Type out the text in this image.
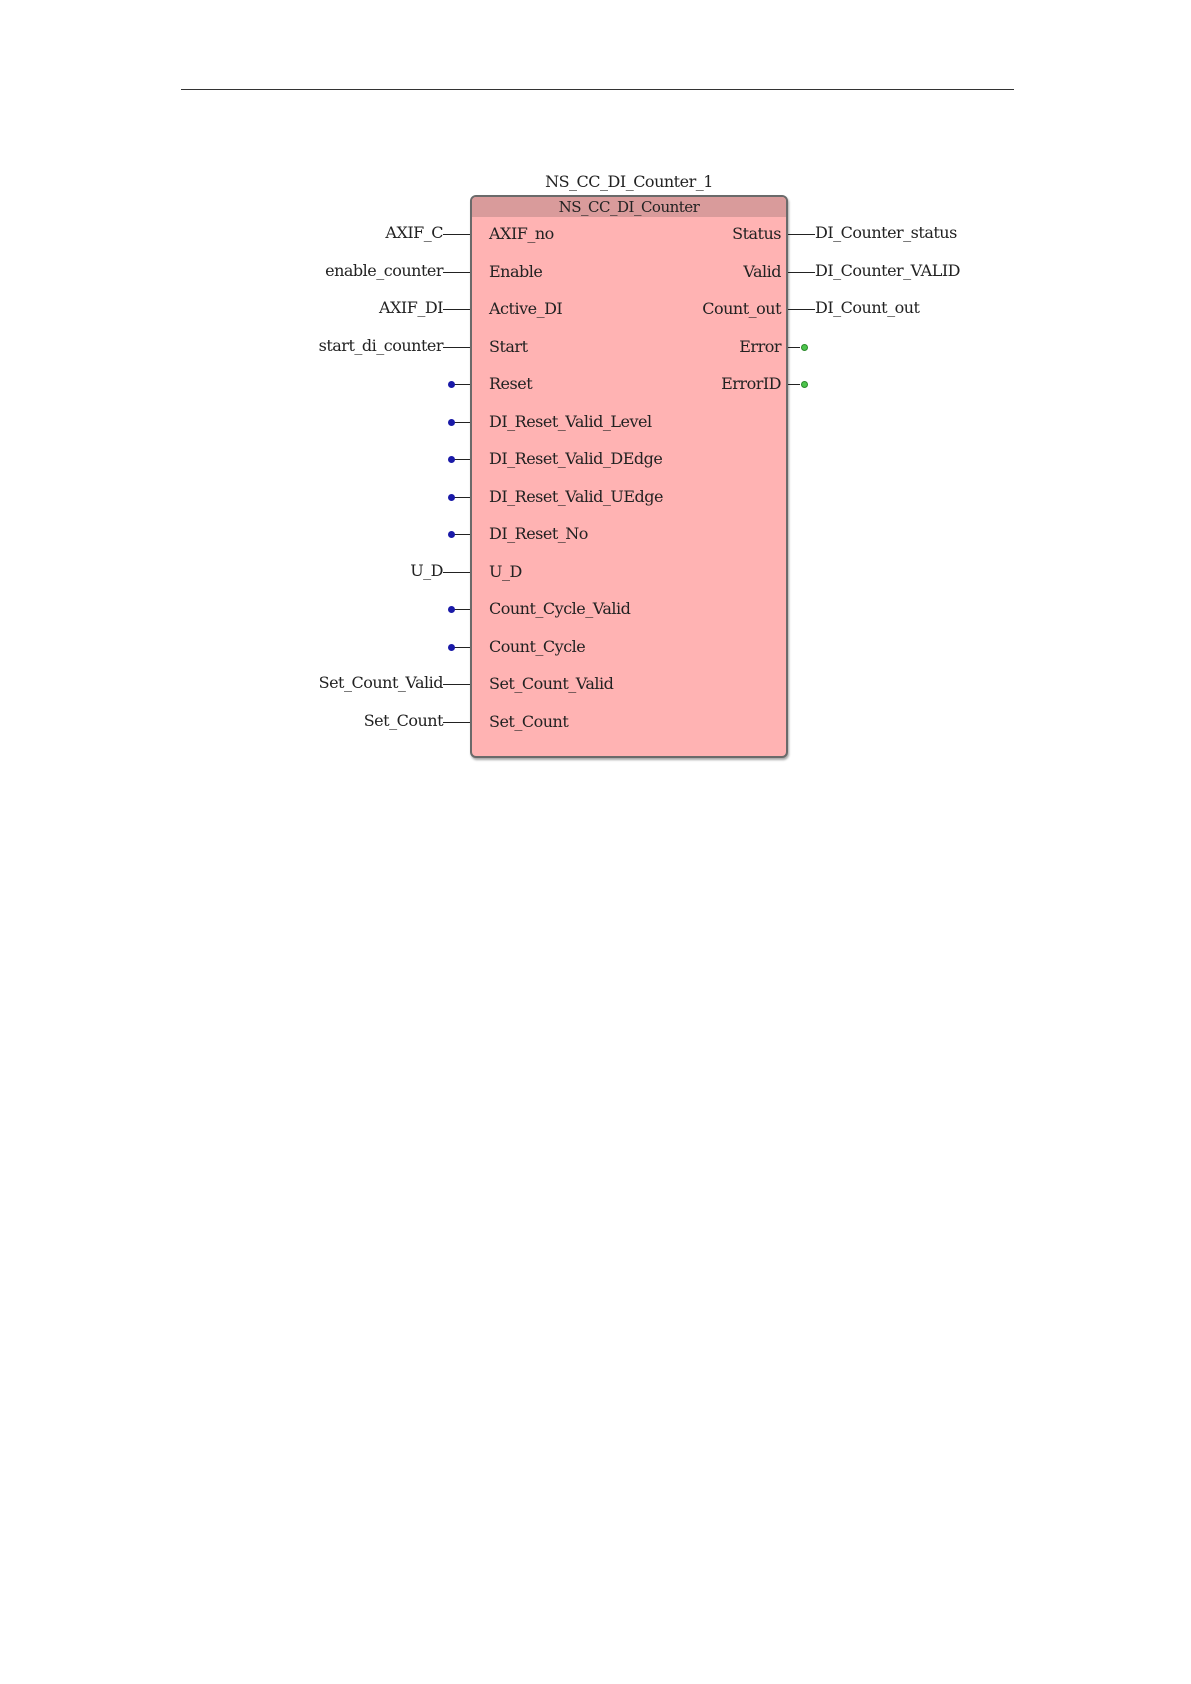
NS_CC_DI_Counter_1
NS_CC_DI_Counter
AXIF_no
Enable
Active_DI
Start
Reset
DI_Reset_Valid_Level
DI_Reset_Valid_DEdge
DI_Reset_Valid_UEdge
DI_Reset_No
U_D
Count_Cycle_Valid
Count_Cycle
Set_Count_Valid
Set_Count
Status
Valid
Count_out
Error
ErrorID
AXIF_C
enable_counter
AXIF_DI
start_di_counter
U_D
Set_Count_Valid
Set_Count
DI_Counter_status
DI_Counter_VALID
DI_Count_out
